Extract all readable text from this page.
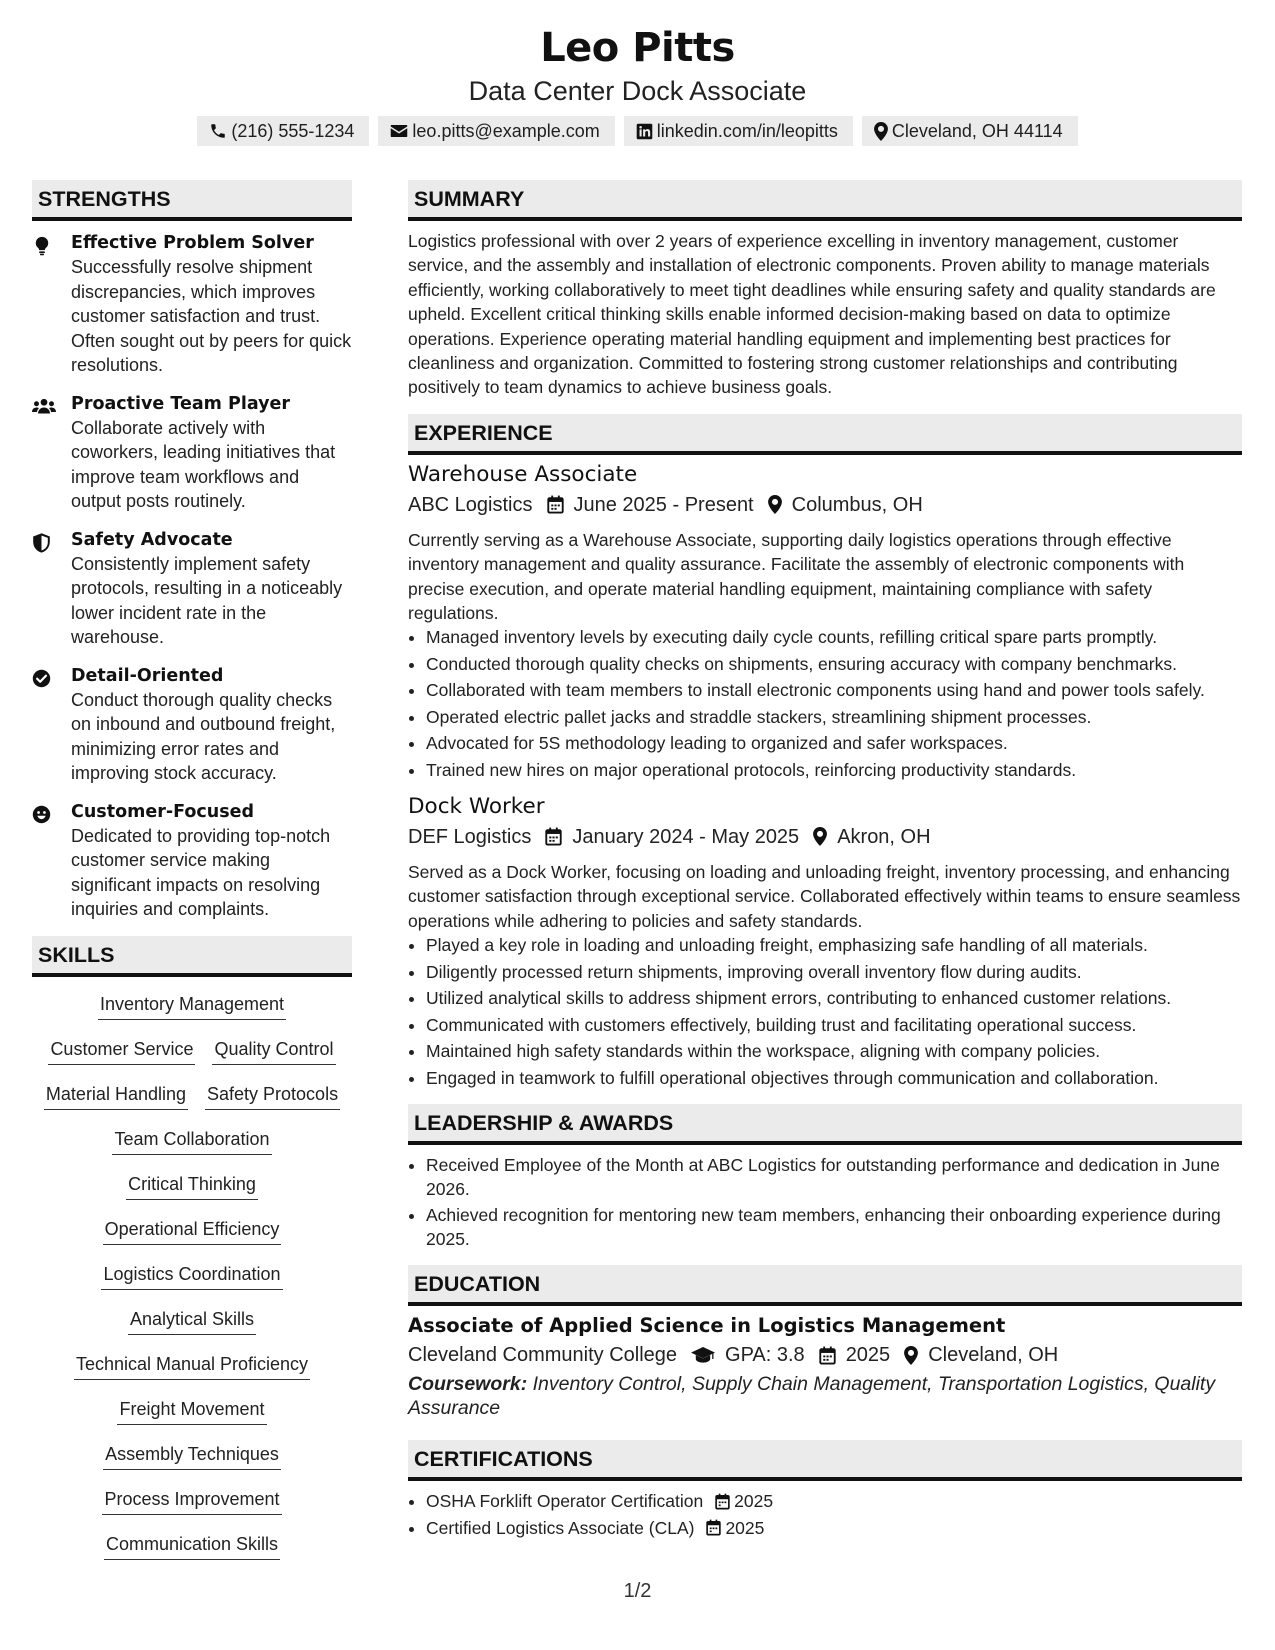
Leo Pitts
Data Center Dock Associate
(216) 555-1234	leo.pitts@example.com	linkedin.com/in/leopitts	Cleveland, OH 44114
STRENGTHS
Effective Problem Solver
Successfully resolve shipment discrepancies, which improves customer satisfaction and trust. Often sought out by peers for quick resolutions.
Proactive Team Player
Collaborate actively with coworkers, leading initiatives that improve team workflows and output posts routinely.
Safety Advocate
Consistently implement safety protocols, resulting in a noticeably lower incident rate in the warehouse.
Detail-Oriented
Conduct thorough quality checks on inbound and outbound freight, minimizing error rates and improving stock accuracy.
Customer-Focused
Dedicated to providing top-notch customer service making significant impacts on resolving inquiries and complaints.
SKILLS
Inventory Management
Customer Service Quality Control
Material Handling Safety Protocols
Team Collaboration
Critical Thinking
Operational Efficiency
Logistics Coordination
Analytical Skills
Technical Manual Proficiency
Freight Movement
Assembly Techniques
Process Improvement
Communication Skills
SUMMARY
Logistics professional with over 2 years of experience excelling in inventory management, customer service, and the assembly and installation of electronic components. Proven ability to manage materials efficiently, working collaboratively to meet tight deadlines while ensuring safety and quality standards are upheld. Excellent critical thinking skills enable informed decision-making based on data to optimize operations. Experience operating material handling equipment and implementing best practices for cleanliness and organization. Committed to fostering strong customer relationships and contributing positively to team dynamics to achieve business goals.
EXPERIENCE
Warehouse Associate
ABC Logistics June 2025 - Present Columbus, OH
Currently serving as a Warehouse Associate, supporting daily logistics operations through effective inventory management and quality assurance. Facilitate the assembly of electronic components with precise execution, and operate material handling equipment, maintaining compliance with safety regulations.
• Managed inventory levels by executing daily cycle counts, refilling critical spare parts promptly.
• Conducted thorough quality checks on shipments, ensuring accuracy with company benchmarks.
• Collaborated with team members to install electronic components using hand and power tools safely.
• Operated electric pallet jacks and straddle stackers, streamlining shipment processes.
• Advocated for 5S methodology leading to organized and safer workspaces.
• Trained new hires on major operational protocols, reinforcing productivity standards.
Dock Worker
DEF Logistics January 2024 - May 2025 Akron, OH
Served as a Dock Worker, focusing on loading and unloading freight, inventory processing, and enhancing customer satisfaction through exceptional service. Collaborated effectively within teams to ensure seamless operations while adhering to policies and safety standards.
• Played a key role in loading and unloading freight, emphasizing safe handling of all materials.
• Diligently processed return shipments, improving overall inventory flow during audits.
• Utilized analytical skills to address shipment errors, contributing to enhanced customer relations.
• Communicated with customers effectively, building trust and facilitating operational success.
• Maintained high safety standards within the workspace, aligning with company policies.
• Engaged in teamwork to fulfill operational objectives through communication and collaboration.
LEADERSHIP & AWARDS
• Received Employee of the Month at ABC Logistics for outstanding performance and dedication in June 2026.
• Achieved recognition for mentoring new team members, enhancing their onboarding experience during 2025.
EDUCATION
Associate of Applied Science in Logistics Management
Cleveland Community College GPA: 3.8 2025 Cleveland, OH
Coursework: Inventory Control, Supply Chain Management, Transportation Logistics, Quality Assurance
CERTIFICATIONS
• OSHA Forklift Operator Certification 2025
• Certified Logistics Associate (CLA) 2025
1/2
